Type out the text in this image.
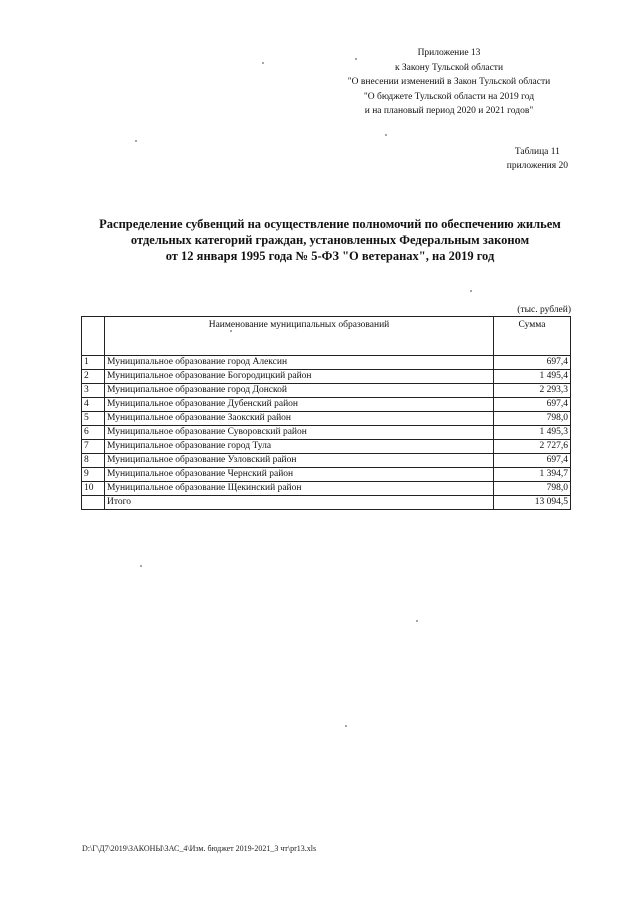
Приложение 13
к Закону Тульской области
"О внесении изменений в Закон Тульской области
"О бюджете Тульской области на 2019 год
и на плановый период 2020 и 2021 годов"
Таблица 11
приложения 20
Распределение субвенций на осуществление полномочий по обеспечению жильем
отдельных категорий граждан, установленных Федеральным законом
от 12 января 1995 года № 5-ФЗ "О ветеранах", на 2019 год
(тыс. рублей)
	Наименование муниципальных образований	Сумма
1	Муниципальное образование город Алексин	697,4
2	Муниципальное образование Богородицкий район	1 495,4
3	Муниципальное образование город Донской	2 293,3
4	Муниципальное образование Дубенский район	697,4
5	Муниципальное образование Заокский район	798,0
6	Муниципальное образование Суворовский район	1 495,3
7	Муниципальное образование город Тула	2 727,6
8	Муниципальное образование Узловский район	697,4
9	Муниципальное образование Чернский район	1 394,7
10	Муниципальное образование Щекинский район	798,0
	Итого	13 094,5
D:\Г\Д7\2019\ЗАКОНЫ\ЗАС_4\Изм. бюджет 2019-2021_3 чт\pr13.xls
